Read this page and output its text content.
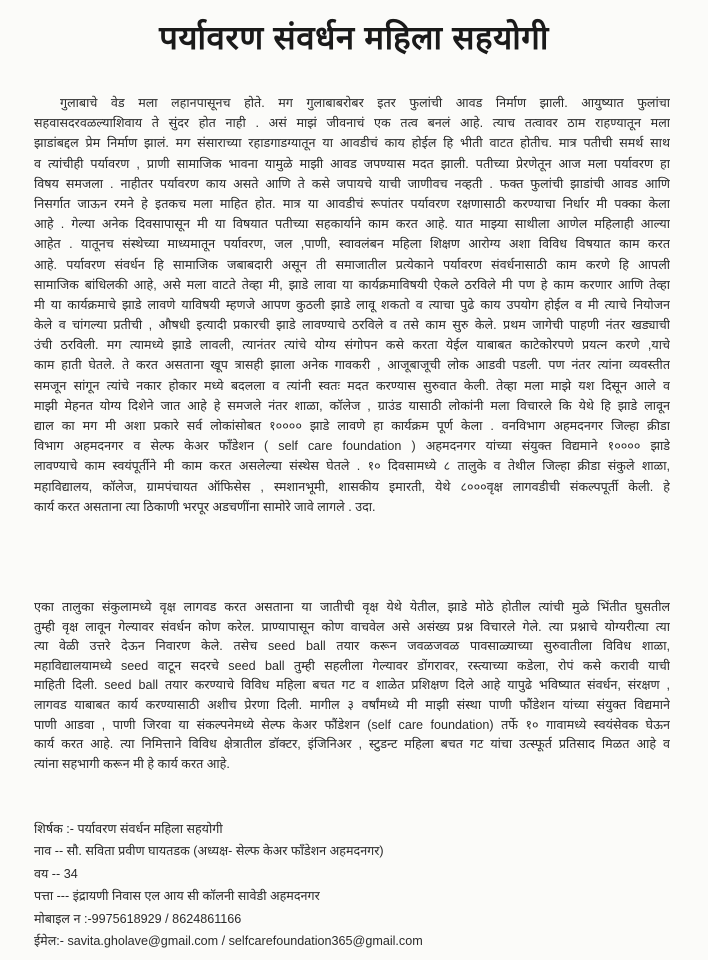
पर्यावरण संवर्धन महिला सहयोगी
गुलाबाचे वेड मला लहानपासूनच होते. मग गुलाबाबरोबर इतर फुलांची आवड निर्माण झाली. आयुष्यात फुलांचा
सहवासदरवळल्याशिवाय ते सुंदर होत नाही . असं माझं जीवनाचं एक तत्व बनलं आहे. त्याच तत्वावर ठाम राहण्यातून मला
झाडांबद्दल प्रेम निर्माण झालं. मग संसाराच्या रहाडगाडग्यातून या आवडीचं काय होईल हि भीती वाटत होतीच. मात्र पतीची समर्थ साथ
व त्यांचीही पर्यावरण , प्राणी सामाजिक भावना यामुळे माझी आवड जपण्यास मदत झाली. पतीच्या प्रेरणेतून आज मला पर्यावरण हा
विषय समजला . नाहीतर पर्यावरण काय असते आणि ते कसे जपायचे याची जाणीवच नव्हती . फक्त फुलांची झाडांची आवड आणि
निसर्गात जाऊन रमने हे इतकच मला माहित होत. मात्र या आवडीचं रूपांतर पर्यावरण रक्षणासाठी करण्याचा निर्धार मी पक्का केला
आहे . गेल्या अनेक दिवसापासून मी या विषयात पतीच्या सहकार्याने काम करत आहे. यात माझ्या साथीला आणेल महिलाही आल्या
आहेत . यातूनच संस्थेच्या माध्यमातून पर्यावरण, जल ,पाणी, स्वावलंबन महिला शिक्षण आरोग्य अशा विविध विषयात काम करत
आहे. पर्यावरण संवर्धन हि सामाजिक जबाबदारी असून ती समाजातील प्रत्येकाने पर्यावरण संवर्धनासाठी काम करणे हि आपली
सामाजिक बांधिलकी आहे, असे मला वाटते तेव्हा मी, झाडे लावा या कार्यक्रमाविषयी ऐकले ठरविले मी पण हे काम करणार आणि तेव्हा
मी या कार्यक्रमाचे झाडे लावणे याविषयी म्हणजे आपण कुठली झाडे लावू शकतो व त्याचा पुढे काय उपयोग होईल व मी त्याचे नियोजन
केले व चांगल्या प्रतीची , औषधी इत्यादी प्रकारची झाडे लावण्याचे ठरविले व तसे काम सुरु केले. प्रथम जागेची पाहणी नंतर खड्याची
उंची ठरविली. मग त्यामध्ये झाडे लावली, त्यानंतर त्यांचे योग्य संगोपन कसे करता येईल याबाबत काटेकोरपणे प्रयत्न करणे ,याचे
काम हाती घेतले. ते करत असताना खूप त्रासही झाला अनेक गावकरी , आजूबाजूची लोक आडवी पडली. पण नंतर त्यांना व्यवस्तीत
समजून सांगून त्यांचे नकार होकार मध्ये बदलला व त्यांनी स्वतः मदत करण्यास सुरुवात केली. तेव्हा मला माझे यश दिसून आले व
माझी मेहनत योग्य दिशेने जात आहे हे समजले नंतर शाळा, कॉलेज , ग्राउंड यासाठी लोकांनी मला विचारले कि येथे हि झाडे लावून
द्याल का मग मी अशा प्रकारे सर्व लोकांसोबत १०००० झाडे लावणे हा कार्यक्रम पूर्ण केला . वनविभाग अहमदनगर जिल्हा क्रीडा
विभाग अहमदनगर व सेल्फ केअर फॉंडेशन ( self care foundation ) अहमदनगर यांच्या संयुक्त विद्यमाने १०००० झाडे
लावण्याचे काम स्वयंपूर्तीने मी काम करत असलेल्या संस्थेस घेतले . १० दिवसामध्ये ८ तालुके व तेथील जिल्हा क्रीडा संकुले शाळा,
महाविद्यालय, कॉलेज, ग्रामपंचायत ऑफिसेस , स्मशानभूमी, शासकीय इमारती, येथे ८०००वृक्ष लागवडीची संकल्पपूर्ती केली. हे
कार्य करत असताना त्या ठिकाणी भरपूर अडचणींना सामोरे जावे लागले . उदा.
एका तालुका संकुलामध्ये वृक्ष लागवड करत असताना या जातीची वृक्ष येथे येतील, झाडे मोठे होतील त्यांची मुळे भिंतीत घुसतील
तुम्ही वृक्ष लावून गेल्यावर संवर्धन कोण करेल. प्राण्यापासून कोण वाचवेल असे असंख्य प्रश्न विचारले गेले. त्या प्रश्नाचे योग्यरीत्या त्या
त्या वेळी उत्तरे देऊन निवारण केले. तसेच seed ball तयार करून जवळजवळ पावसाळ्याच्या सुरुवातीला विविध शाळा,
महाविद्यालयामध्ये seed वाटून सदरचे seed ball तुम्ही सहलीला गेल्यावर डोंगरावर, रस्त्याच्या कडेला, रोपं कसे करावी याची
माहिती दिली. seed ball तयार करण्याचे विविध महिला बचत गट व शाळेत प्रशिक्षण दिले आहे यापुढे भविष्यात संवर्धन, संरक्षण ,
लागवड याबाबत कार्य करण्यासाठी अशीच प्रेरणा दिली. मागील ३ वर्षांमध्ये मी माझी संस्था पाणी फौंडेशन यांच्या संयुक्त विद्यमाने
पाणी आडवा , पाणी जिरवा या संकल्पनेमध्ये सेल्फ केअर फौंडेशन (self care foundation) तर्फे १० गावामध्ये स्वयंसेवक घेऊन
कार्य करत आहे. त्या निमित्ताने विविध क्षेत्रातील डॉक्टर, इंजिनिअर , स्टुडन्ट महिला बचत गट यांचा उत्स्फूर्त प्रतिसाद मिळत आहे व
त्यांना सहभागी करून मी हे कार्य करत आहे.
शिर्षक :- पर्यावरण संवर्धन महिला सहयोगी
नाव -- सौ. सविता प्रवीण घायतडक (अध्यक्ष- सेल्फ केअर फॉंडेशन अहमदनगर)
वय -- 34
पत्ता --- इंद्रायणी निवास एल आय सी कॉलनी सावेडी अहमदनगर
मोबाइल न :-9975618929 / 8624861166
ईमेल:- savita.gholave@gmail.com / selfcarefoundation365@gmail.com
